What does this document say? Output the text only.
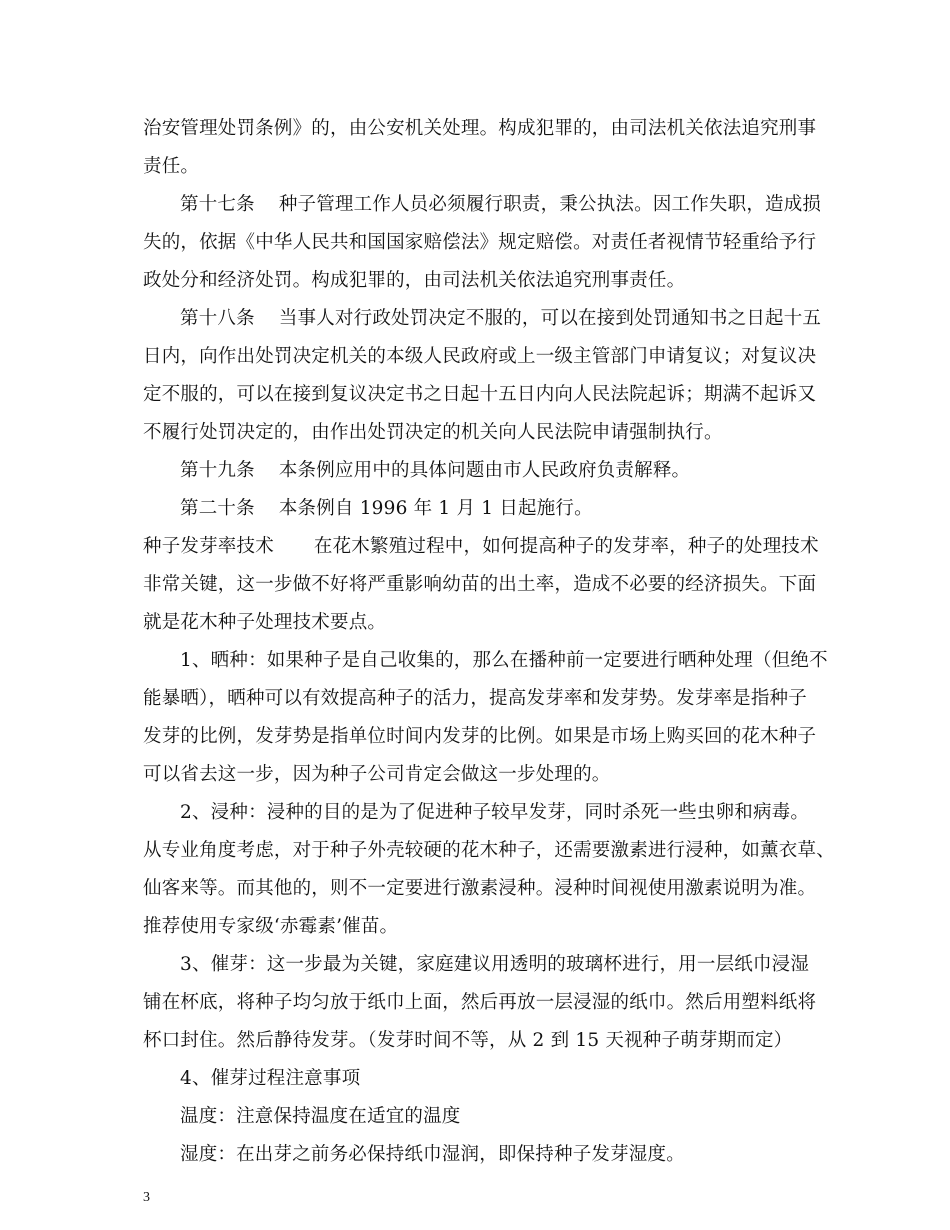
治安管理处罚条例》的，由公安机关处理。构成犯罪的，由司法机关依法追究刑事
责任。
第十七条 种子管理工作人员必须履行职责，秉公执法。因工作失职，造成损
失的，依据《中华人民共和国国家赔偿法》规定赔偿。对责任者视情节轻重给予行
政处分和经济处罚。构成犯罪的，由司法机关依法追究刑事责任。
第十八条 当事人对行政处罚决定不服的，可以在接到处罚通知书之日起十五
日内，向作出处罚决定机关的本级人民政府或上一级主管部门申请复议；对复议决
定不服的，可以在接到复议决定书之日起十五日内向人民法院起诉；期满不起诉又
不履行处罚决定的，由作出处罚决定的机关向人民法院申请强制执行。
第十九条 本条例应用中的具体问题由市人民政府负责解释。
第二十条 本条例自 1996 年 1 月 1 日起施行。
种子发芽率技术 在花木繁殖过程中，如何提高种子的发芽率，种子的处理技术
非常关键，这一步做不好将严重影响幼苗的出土率，造成不必要的经济损失。下面
就是花木种子处理技术要点。
1、晒种：如果种子是自己收集的，那么在播种前一定要进行晒种处理（但绝不
能暴晒），晒种可以有效提高种子的活力，提高发芽率和发芽势。发芽率是指种子
发芽的比例，发芽势是指单位时间内发芽的比例。如果是市场上购买回的花木种子
可以省去这一步，因为种子公司肯定会做这一步处理的。
2、浸种：浸种的目的是为了促进种子较早发芽，同时杀死一些虫卵和病毒。
从专业角度考虑，对于种子外壳较硬的花木种子，还需要激素进行浸种，如薰衣草、
仙客来等。而其他的，则不一定要进行激素浸种。浸种时间视使用激素说明为准。
推荐使用专家级‘赤霉素’催苗。
3、催芽：这一步最为关键，家庭建议用透明的玻璃杯进行，用一层纸巾浸湿
铺在杯底，将种子均匀放于纸巾上面，然后再放一层浸湿的纸巾。然后用塑料纸将
杯口封住。然后静待发芽。（发芽时间不等，从 2 到 15 天视种子萌芽期而定）
4、催芽过程注意事项
温度：注意保持温度在适宜的温度
湿度：在出芽之前务必保持纸巾湿润，即保持种子发芽湿度。
3
